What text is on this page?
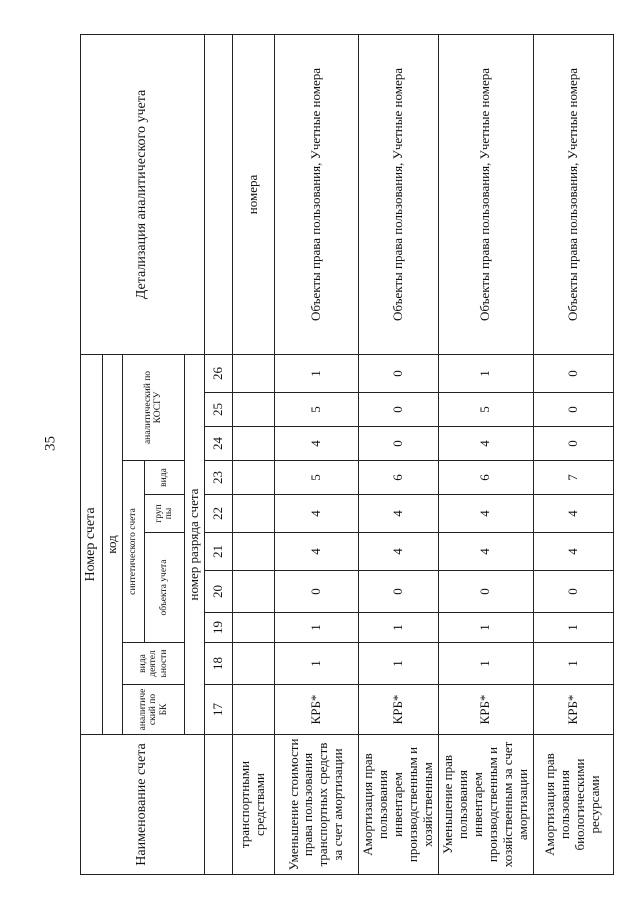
35
Наименование счета	Номер счета										Детализация аналитического учета
	код										
	аналитиче ский по БК	вида деятел ьности	синтетического счета					аналитический по КОСГУ			
			объекта учета			груп пы	вида				
	номер разряда счета										
	17	18	19	20	21	22	23	24	25	26	
транспортными средствами											номера
Уменьшение стоимости права пользования транспортных средств за счет амортизации	КРБ*	1	1	0	4	4	5	4	5	1	Объекты права пользования, Учетные номера
Амортизация прав пользования инвентарем производственным и хозяйственным	КРБ*	1	1	0	4	4	6	0	0	0	Объекты права пользования, Учетные номера
Уменьшение прав пользования инвентарем производственным и хозяйственным за счет амортизации	КРБ*	1	1	0	4	4	6	4	5	1	Объекты права пользования, Учетные номера
Амортизация прав пользования биологическими ресурсами	КРБ*	1	1	0	4	4	7	0	0	0	Объекты права пользования, Учетные номера
